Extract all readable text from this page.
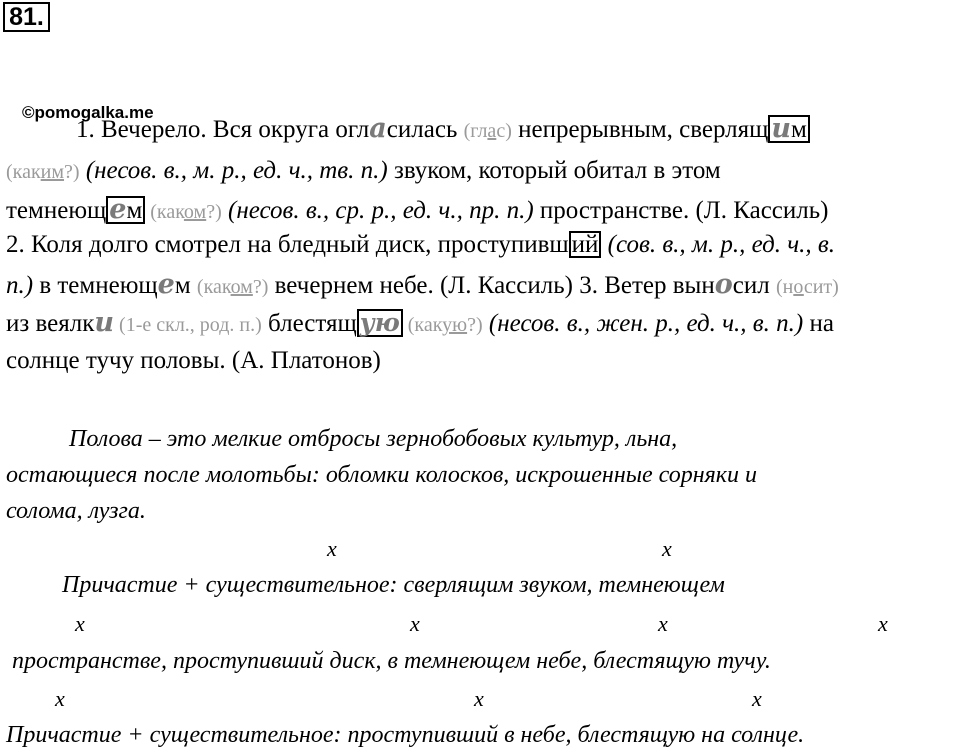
81.
©pomogalka.me
1. Вечерело. Вся округа огласилась (глас) непрерывным, сверлящ им
(каким?) (несов. в., м. р., ед. ч., тв. п.) звуком, который обитал в этом
темнеющ ем (каком?) (несов. в., ср. р., ед. ч., пр. п.) пространстве. (Л. Кассиль)
2. Коля долго смотрел на бледный диск, проступивш ий (сов. в., м. р., ед. ч., в.
п.) в темнеющем (каком?) вечернем небе. (Л. Кассиль) 3. Ветер выносил (носит)
из веялки (1-е скл., род. п.) блестящ ую (какую?) (несов. в., жен. р., ед. ч., в. п.) на
солнце тучу половы. (А. Платонов)
Полова – это мелкие отбросы зернобобовых культур, льна,
остающиеся после молотьбы: обломки колосков, искрошенные сорняки и
солома, лузга.
x	x
Причастие + существительное: сверлящим звуком, темнеющем
x	x	x	x
пространстве, проступивший диск, в темнеющем небе, блестящую тучу.
x	x	x
Причастие + существительное: проступивший в небе, блестящую на солнце.
